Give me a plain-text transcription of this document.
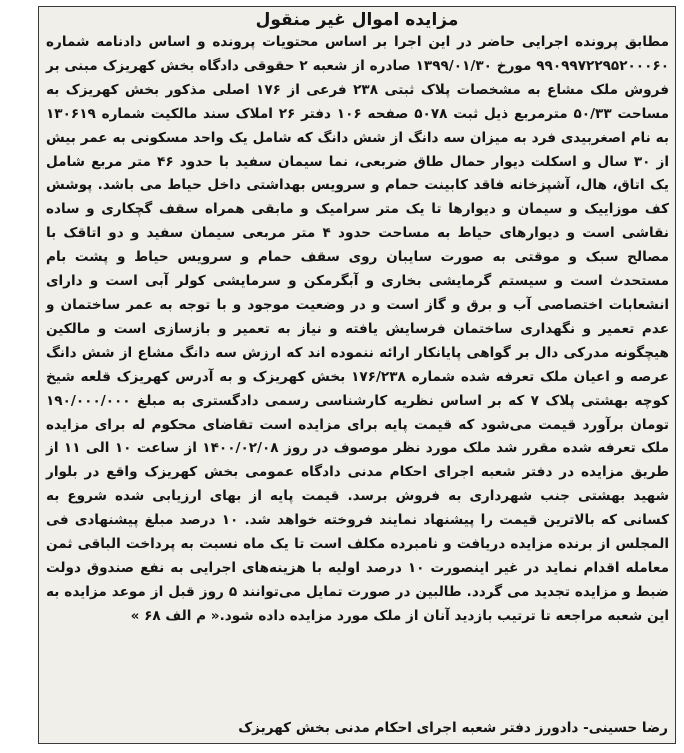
مزایده اموال غیر منقول
مطابق پرونده اجرایی حاضر در این اجرا بر اساس محتویات پرونده و اساس دادنامه شماره ۹۹۰۹۹۷۲۲۹۵۲۰۰۰۶۰ مورخ ۱۳۹۹/۰۱/۳۰ صادره از شعبه ۲ حقوقی دادگاه بخش کهریزک مبنی بر فروش ملک مشاع به مشخصات پلاک ثبتی ۲۳۸ فرعی از ۱۷۶ اصلی مذکور بخش کهریزک به مساحت ۵۰/۳۳ مترمربع ذیل ثبت ۵۰۷۸ صفحه ۱۰۶ دفتر ۲۶ املاک سند مالکیت شماره ۱۳۰۶۱۹ به نام اصغربیدی فرد به میزان سه دانگ از شش دانگ که شامل یک واحد مسکونی به عمر بیش از ۳۰ سال و اسکلت دیوار حمال طاق ضربعی، نما سیمان سفید با حدود ۴۶ متر مربع شامل یک اتاق، هال، آشپزخانه فاقد کابینت حمام و سرویس بهداشتی داخل حیاط می باشد. پوشش کف موزاییک و سیمان و دیوارها تا یک متر سرامیک و مابقی همراه سقف گچکاری و ساده نقاشی است و دیوارهای حیاط به مساحت حدود ۴ متر مربعی سیمان سفید و دو اتاقک با مصالح سبک و موقتی به صورت سایبان روی سقف حمام و سرویس حیاط و پشت بام مستحدث است و سیستم گرمایشی بخاری و آبگرمکن و سرمایشی کولر آبی است و دارای انشعابات اختصاصی آب و برق و گاز است و در وضعیت موجود و با توجه به عمر ساختمان و عدم تعمیر و نگهداری ساختمان فرسایش یافته و نیاز به تعمیر و بازسازی است و مالکین هیچگونه مدرکی دال بر گواهی پایانکار ارائه ننموده اند که ارزش سه دانگ مشاع از شش دانگ عرصه و اعیان ملک تعرفه شده شماره ۱۷۶/۲۳۸ بخش کهریزک و به آدرس کهریزک قلعه شیخ کوچه بهشتی پلاک ۷ که بر اساس نظریه کارشناسی رسمی دادگستری به مبلغ ۱۹۰/۰۰۰/۰۰۰ تومان برآورد قیمت می‌شود که قیمت پایه برای مزایده است تقاضای محکوم له برای مزایده ملک تعرفه شده مقرر شد ملک مورد نظر موصوف در روز ۱۴۰۰/۰۲/۰۸ از ساعت ۱۰ الی ۱۱ از طریق مزایده در دفتر شعبه اجرای احکام مدنی دادگاه عمومی بخش کهریزک واقع در بلوار شهید بهشتی جنب شهرداری به فروش برسد. قیمت پایه از بهای ارزیابی شده شروع به کسانی که بالاترین قیمت را پیشنهاد نمایند فروخته خواهد شد. ۱۰ درصد مبلغ پیشنهادی فی المجلس از برنده مزایده دریافت و نامبرده مکلف است تا یک ماه نسبت به پرداخت الباقی ثمن معامله اقدام نماید در غیر اینصورت ۱۰ درصد اولیه با هزینه‌های اجرایی به نفع صندوق دولت ضبط و مزایده تجدید می گردد. طالبین در صورت تمایل می‌توانند ۵ روز قبل از موعد مزایده به این شعبه مراجعه تا ترتیب بازدید آنان از ملک مورد مزایده داده شود.« م الف ۶۸ »
رضا حسینی- دادورز دفتر شعبه اجرای احکام مدنی بخش کهریزک
